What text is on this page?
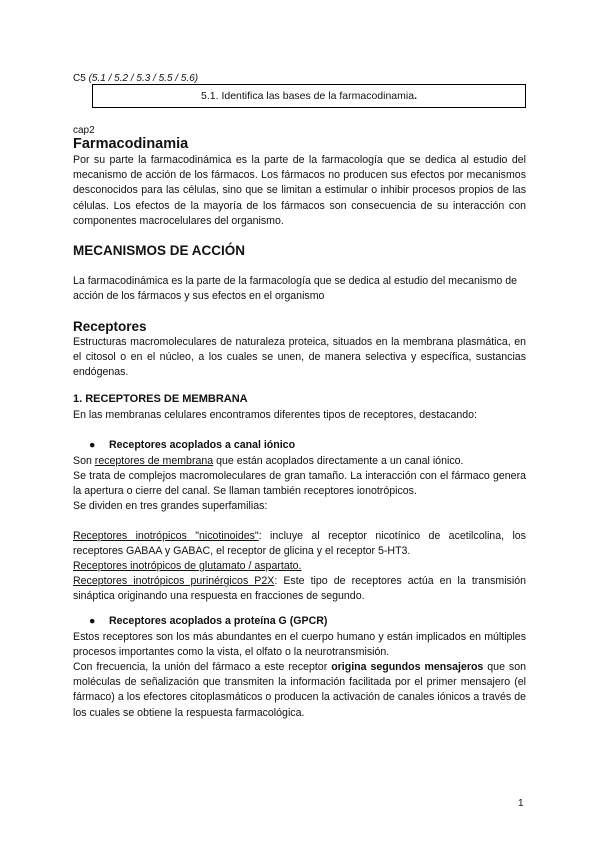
C5 (5.1 / 5.2 / 5.3 / 5.5 / 5.6)
5.1. Identifica las bases de la farmacodinamia.
cap2
Farmacodinamia

Por su parte la farmacodinámica es la parte de la farmacología que se dedica al estudio del mecanismo de acción de los fármacos. Los fármacos no producen sus efectos por mecanismos desconocidos para las células, sino que se limitan a estimular o inhibir procesos propios de las células. Los efectos de la mayoría de los fármacos son consecuencia de su interacción con componentes macrocelulares del organismo.

MECANISMOS DE ACCIÓN

La farmacodinámica es la parte de la farmacología que se dedica al estudio del mecanismo de acción de los fármacos y sus efectos en el organismo

Receptores

Estructuras macromoleculares de naturaleza proteica, situados en la membrana plasmática, en el citosol o en el núcleo, a los cuales se unen, de manera selectiva y específica, sustancias endógenas.

1. RECEPTORES DE MEMBRANA

En las membranas celulares encontramos diferentes tipos de receptores, destacando:

● Receptores acoplados a canal iónico

Son receptores de membrana que están acoplados directamente a un canal iónico.

Se trata de complejos macromoleculares de gran tamaño. La interacción con el fármaco genera la apertura o cierre del canal. Se llaman también receptores ionotrópicos.

Se dividen en tres grandes superfamilias:

Receptores inotrópicos "nicotinoides": incluye al receptor nicotínico de acetilcolina, los receptores GABAA y GABAC, el receptor de glicina y el receptor 5-HT3.

Receptores inotrópicos de glutamato / aspartato.

Receptores inotrópicos purinérgicos P2X: Este tipo de receptores actúa en la transmisión sináptica originando una respuesta en fracciones de segundo.

● Receptores acoplados a proteína G (GPCR)

Estos receptores son los más abundantes en el cuerpo humano y están implicados en múltiples procesos importantes como la vista, el olfato o la neurotransmisión.

Con frecuencia, la unión del fármaco a este receptor origina segundos mensajeros que son moléculas de señalización que transmiten la información facilitada por el primer mensajero (el fármaco) a los efectores citoplasmáticos o producen la activación de canales iónicos a través de los cuales se obtiene la respuesta farmacológica.

1
